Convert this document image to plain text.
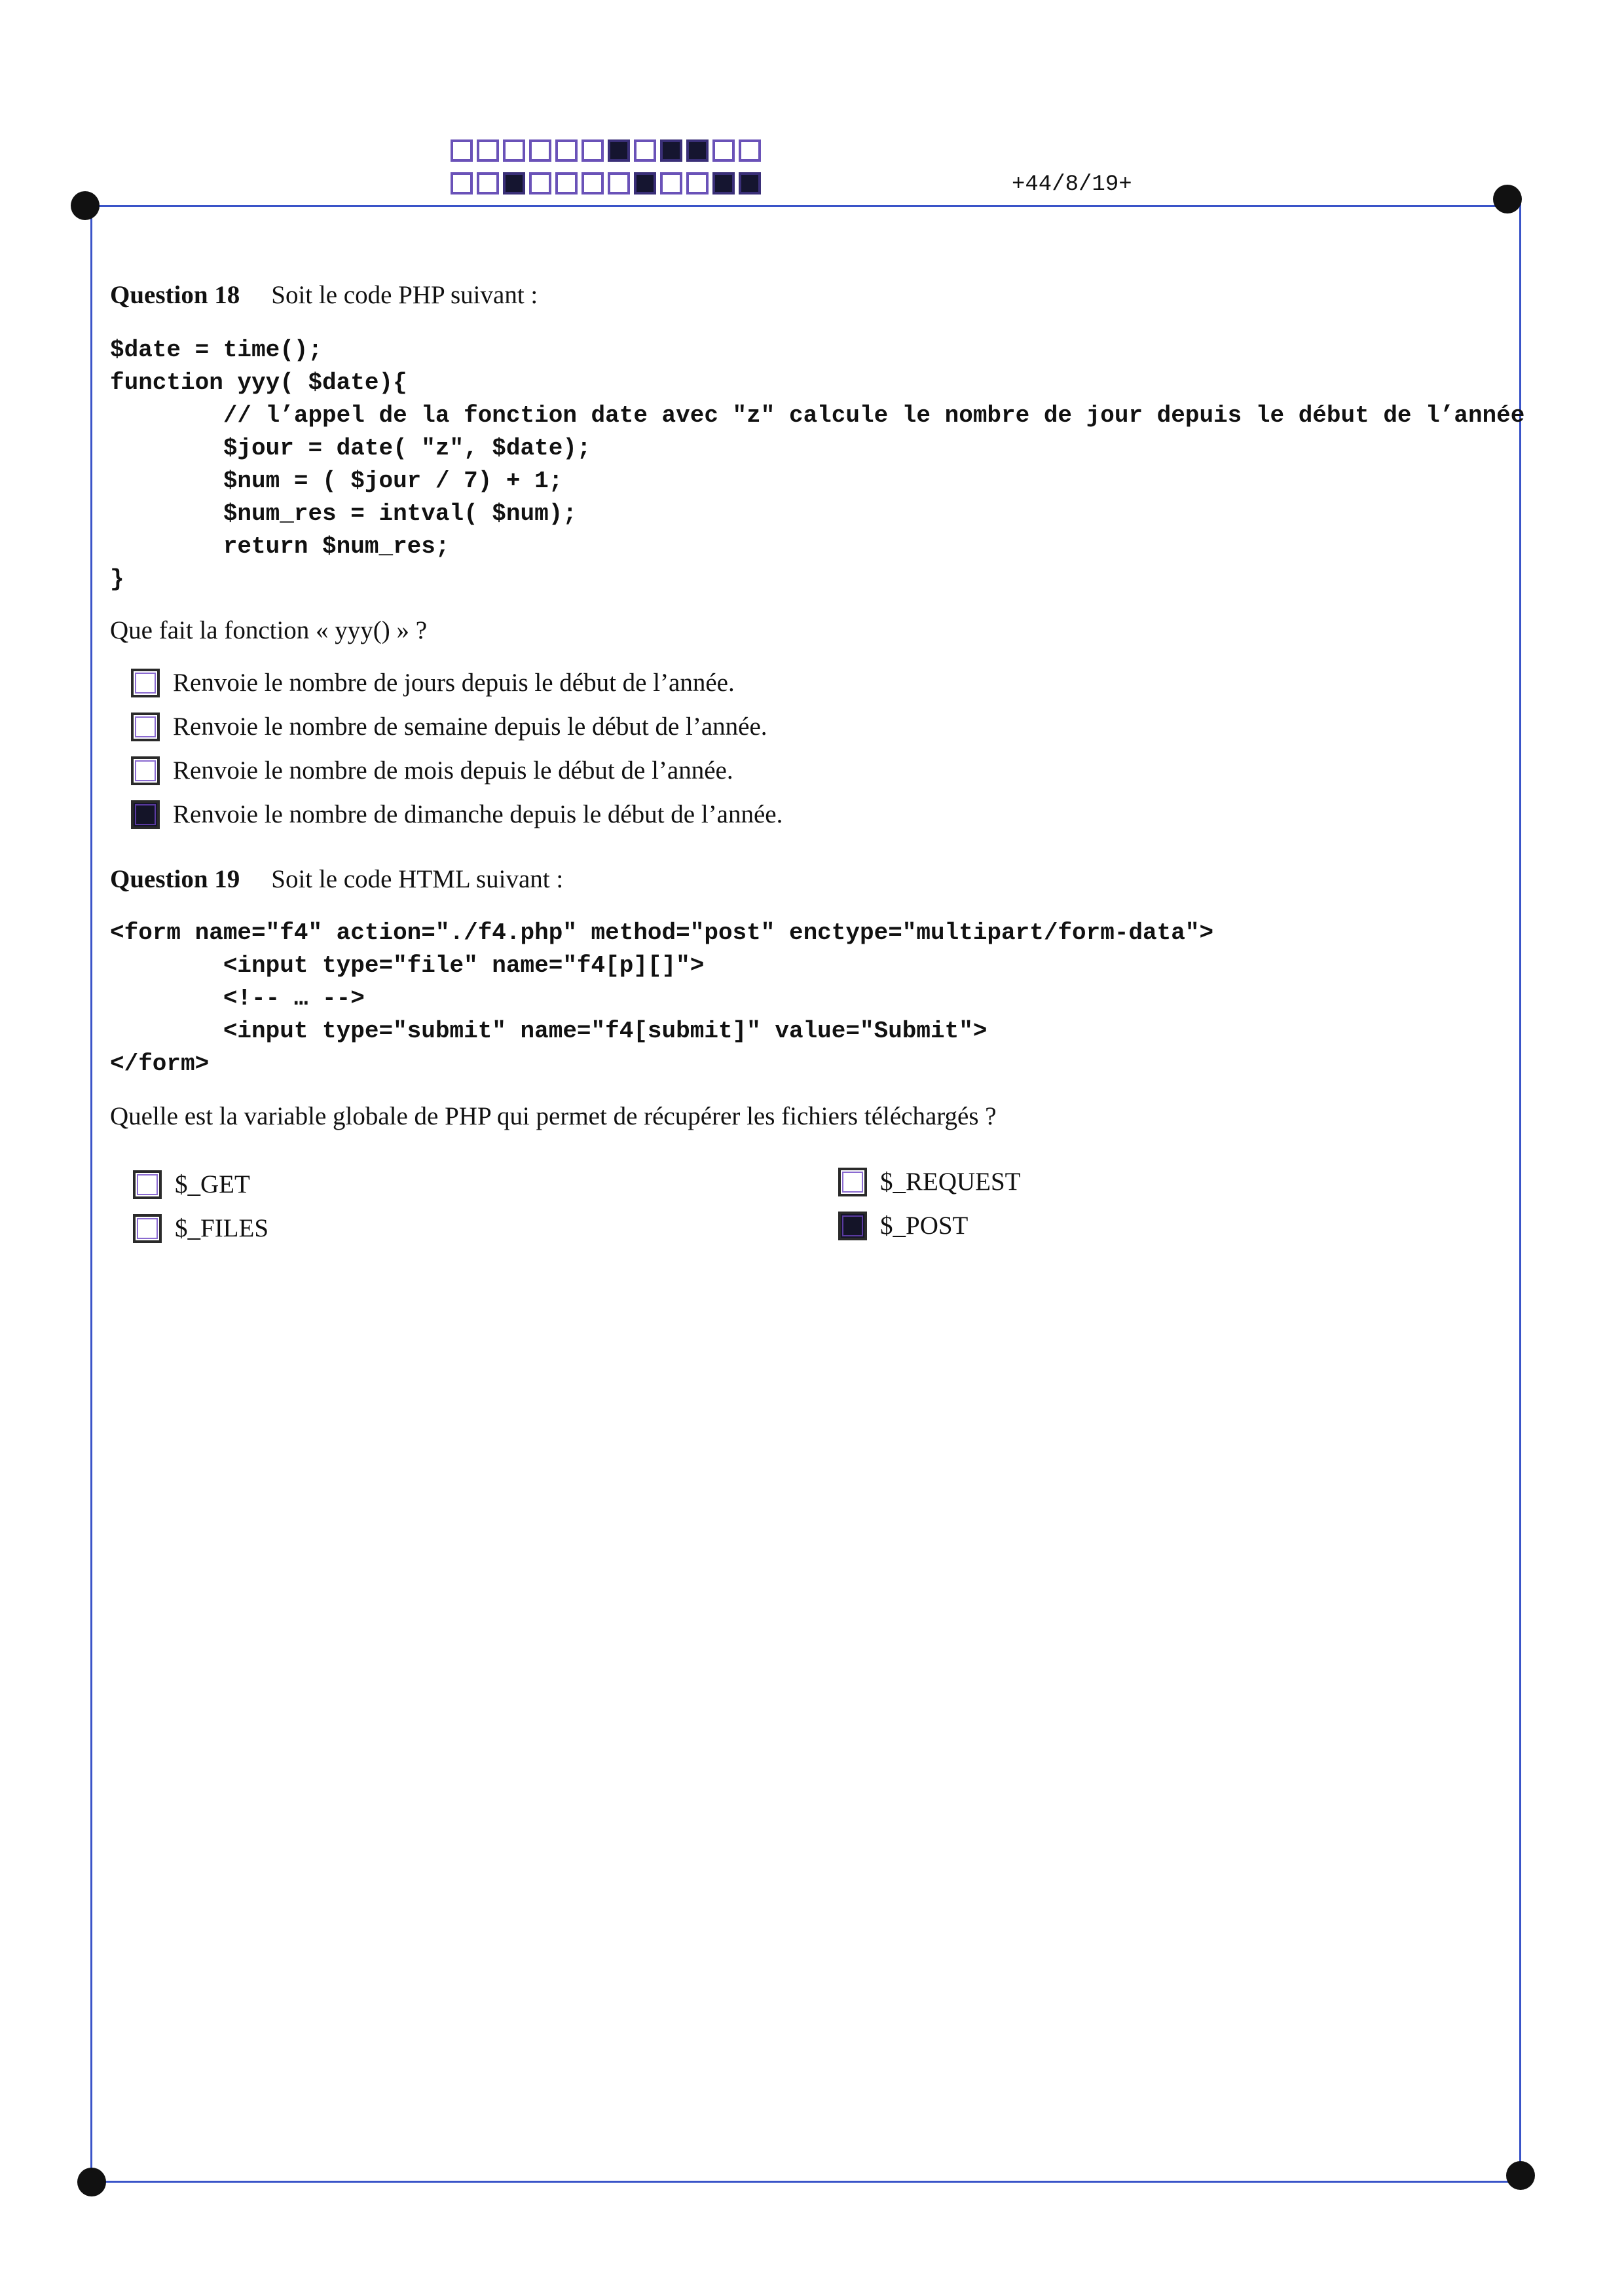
+44/8/19+
Question 18 Soit le code PHP suivant :
$date = time();
function yyy( $date){
// l’appel de la fonction date avec "z" calcule le nombre de jour depuis le début de l’année
$jour = date( "z", $date);
$num = ( $jour / 7) + 1;
$num_res = intval( $num);
return $num_res;
}
Que fait la fonction « yyy() » ?
Renvoie le nombre de jours depuis le début de l’année.
Renvoie le nombre de semaine depuis le début de l’année.
Renvoie le nombre de mois depuis le début de l’année.
Renvoie le nombre de dimanche depuis le début de l’année.
Question 19 Soit le code HTML suivant :
<form name="f4" action="./f4.php" method="post" enctype="multipart/form-data">
<input type="file" name="f4[p][]">
<!-- … -->
<input type="submit" name="f4[submit]" value="Submit">
</form>
Quelle est la variable globale de PHP qui permet de récupérer les fichiers téléchargés ?
$_GET
$_FILES
$_REQUEST
$_POST
